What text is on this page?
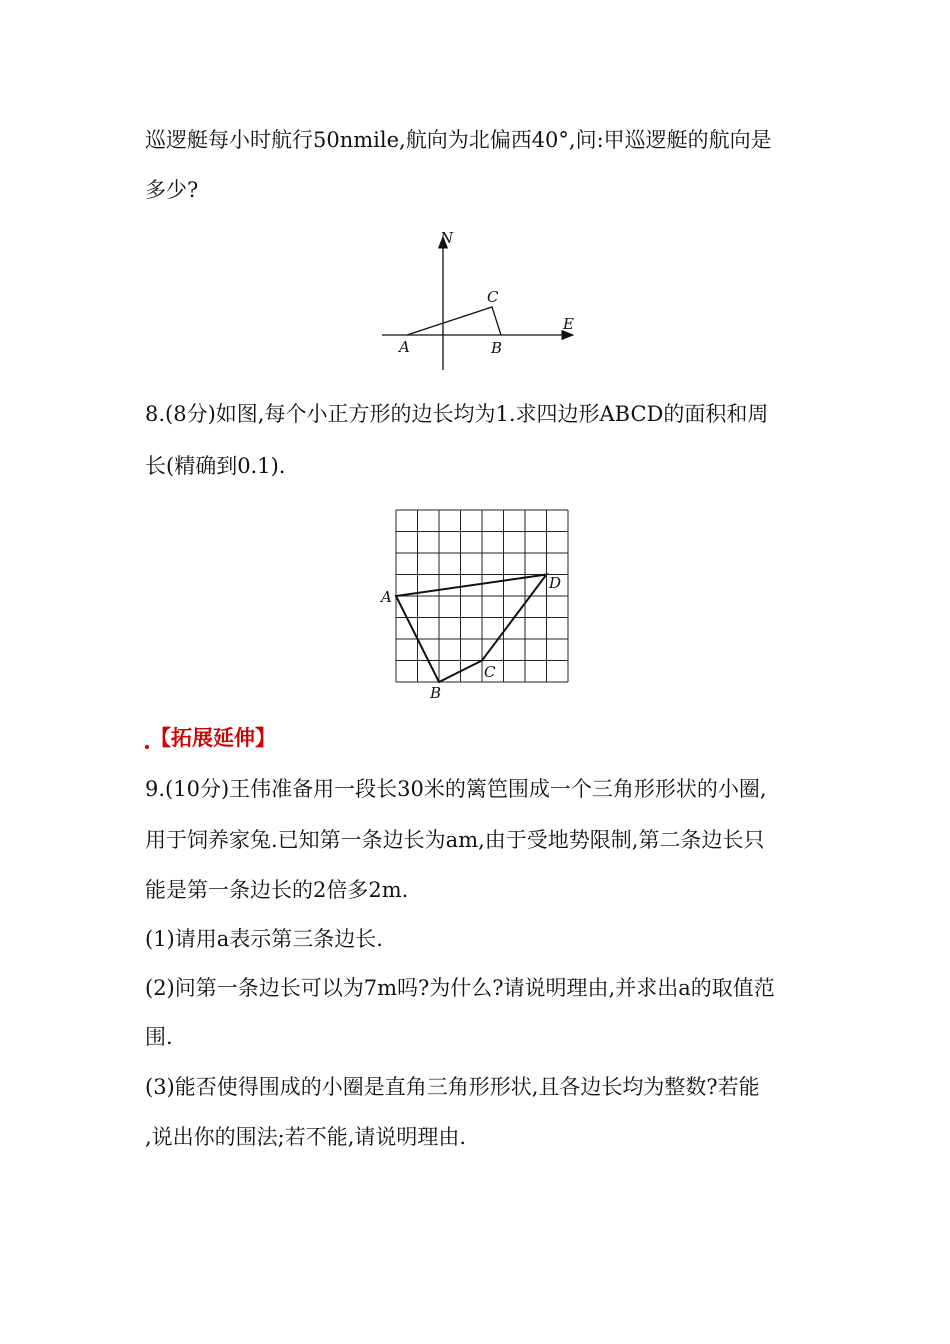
巡逻艇每小时航行50nmile,航向为北偏西40°,问:甲巡逻艇的航向是
多少?
N
E
C
A	B
8.(8分)如图,每个小正方形的边长均为1.求四边形ABCD的面积和周
长(精确到0.1).
A
B
C
D
【拓展延伸】
9.(10分)王伟准备用一段长30米的篱笆围成一个三角形形状的小圈,
用于饲养家兔.已知第一条边长为am,由于受地势限制,第二条边长只
能是第一条边长的2倍多2m.
(1)请用a表示第三条边长.
(2)问第一条边长可以为7m吗?为什么?请说明理由,并求出a的取值范
围.
(3)能否使得围成的小圈是直角三角形形状,且各边长均为整数?若能
,说出你的围法;若不能,请说明理由.
